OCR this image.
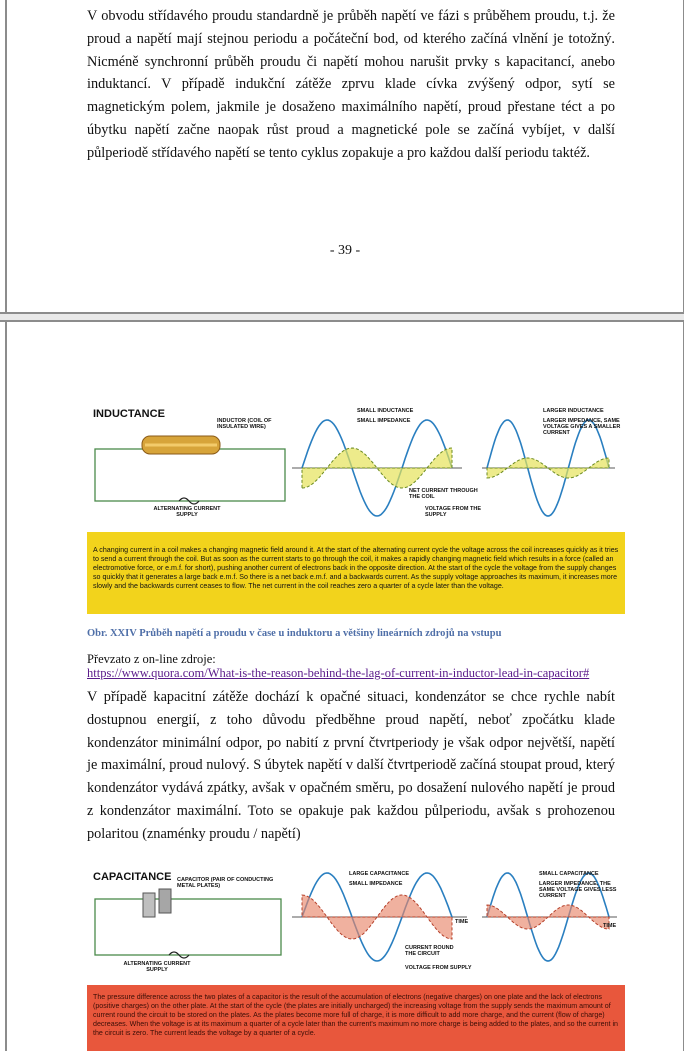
V obvodu střídavého proudu standardně je průběh napětí ve fázi s průběhem proudu, t.j. že proud a napětí mají stejnou periodu a počáteční bod, od kterého začíná vlnění je totožný. Nicméně synchronní průběh proudu či napětí mohou narušit prvky s kapacitancí, anebo induktancí. V případě indukční zátěže zprvu klade cívka zvýšený odpor, sytí se magnetickým polem, jakmile je dosaženo maximálního napětí, proud přestane téct a po úbytku napětí začne naopak růst proud a magnetické pole se začíná vybíjet, v další půlperiodě střídavého napětí se tento cyklus zopakuje a pro každou další periodu taktéž.
- 39 -
INDUCTANCE
INDUCTOR (COIL OF INSULATED WIRE)
ALTERNATING CURRENT SUPPLY
SMALL INDUCTANCE
SMALL IMPEDANCE
LARGER INDUCTANCE
LARGER IMPEDANCE, SAME VOLTAGE GIVES A SMALLER CURRENT
NET CURRENT THROUGH THE COIL
VOLTAGE FROM THE SUPPLY
A changing current in a coil makes a changing magnetic field around it. At the start of the alternating current cycle the voltage across the coil increases quickly as it tries to send a current through the coil. But as soon as the current starts to go through the coil, it makes a rapidly changing magnetic field which results in a force (called an electromotive force, or e.m.f. for short), pushing another current of electrons back in the opposite direction. At the start of the cycle the voltage from the supply changes so quickly that it generates a large back e.m.f. So there is a net back e.m.f. and a backwards current. As the supply voltage approaches its maximum, it increases more slowly and the backwards current ceases to flow. The net current in the coil reaches zero a quarter of a cycle later than the voltage.
Obr. XXIV Průběh napětí a proudu v čase u induktoru a většiny lineárních zdrojů na vstupu
Převzato z on-line zdroje:
https://www.quora.com/What-is-the-reason-behind-the-lag-of-current-in-inductor-lead-in-capacitor#
V případě kapacitní zátěže dochází k opačné situaci, kondenzátor se chce rychle nabít dostupnou energií, z toho důvodu předběhne proud napětí, neboť zpočátku klade kondenzátor minimální odpor, po nabití z první čtvrtperiody je však odpor největší, napětí je maximální, proud nulový. S úbytek napětí v další čtvrtperiodě začíná stoupat proud, který kondenzátor vydává zpátky, avšak v opačném směru, po dosažení nulového napětí je proud z kondenzátor maximální. Toto se opakuje pak každou půlperiodu, avšak s prohozenou polaritou (znaménky proudu / napětí)
CAPACITANCE CAPACITOR (PAIR OF CONDUCTING METAL PLATES)
ALTERNATING CURRENT SUPPLY
LARGE CAPACITANCE
SMALL IMPEDANCE
SMALL CAPACITANCE
LARGER IMPEDANCE, THE SAME VOLTAGE GIVES LESS CURRENT
TIME
TIME
CURRENT ROUND THE CIRCUIT
VOLTAGE FROM SUPPLY
The pressure difference across the two plates of a capacitor is the result of the accumulation of electrons (negative charges) on one plate and the lack of electrons (positive charges) on the other plate. At the start of the cycle (the plates are initially uncharged) the increasing voltage from the supply sends the maximum amount of current round the circuit to be stored on the plates. As the plates become more full of charge, it is more difficult to add more charge, and the current (flow of charge) decreases. When the voltage is at its maximum a quarter of a cycle later than the current's maximum no more charge is being added to the plates, and so the current in the circuit is zero. The current leads the voltage by a quarter of a cycle.
